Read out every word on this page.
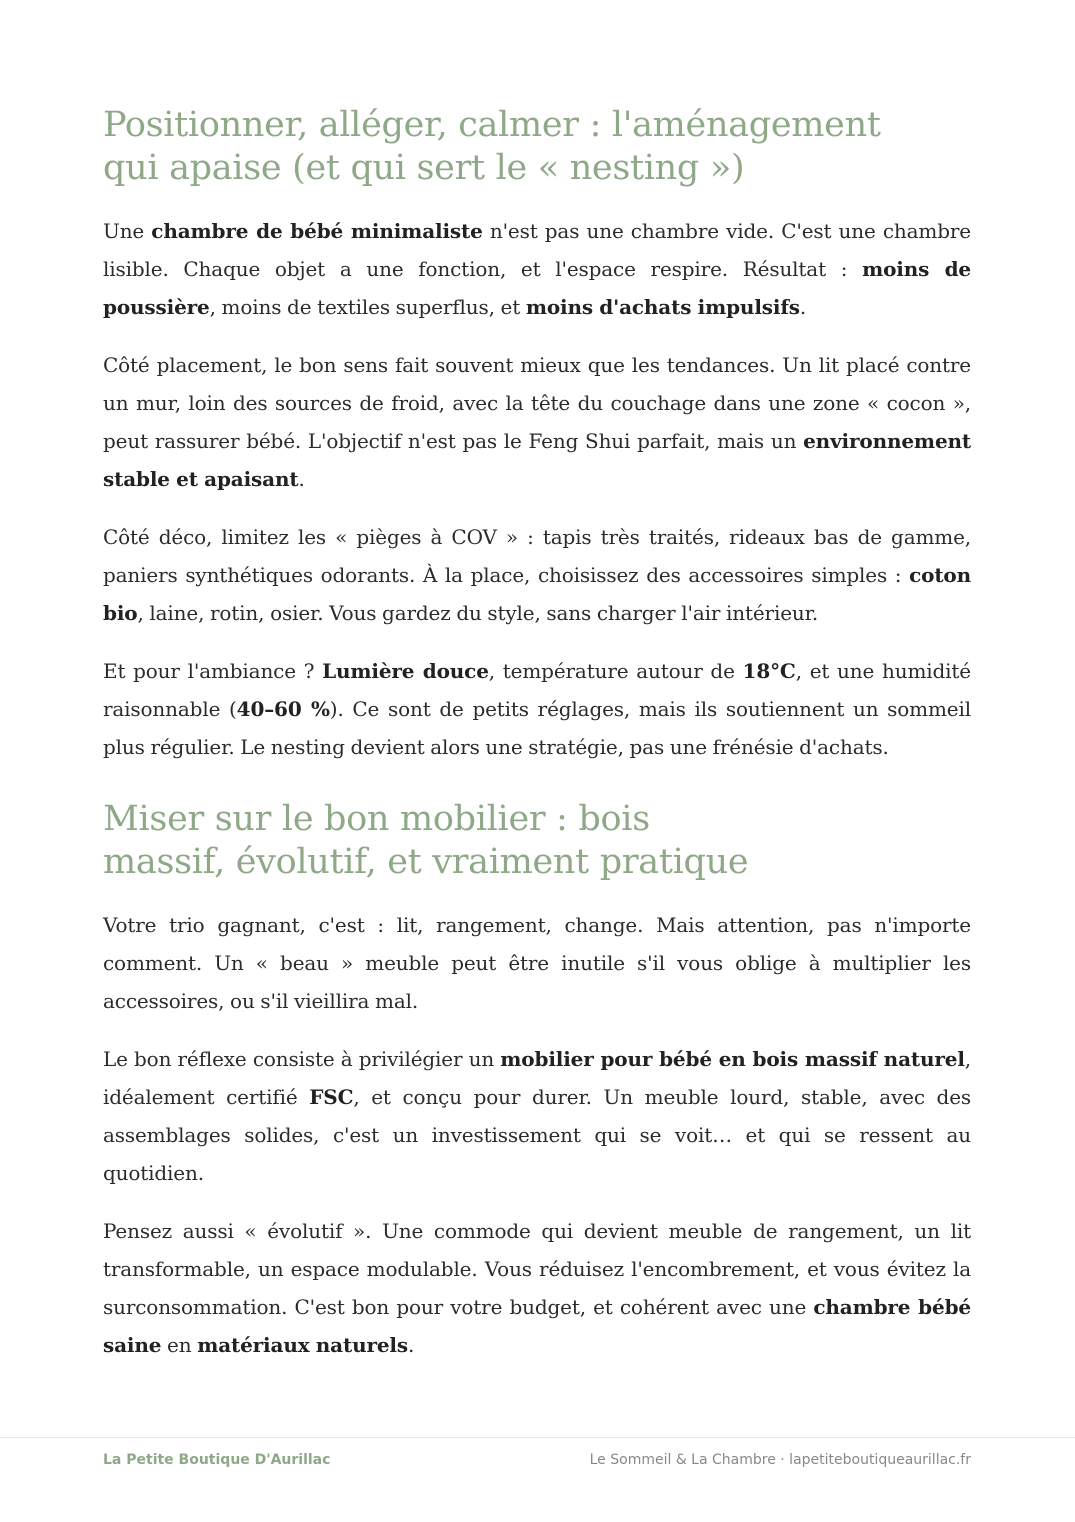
Positionner, alléger, calmer : l'aménagement
qui apaise (et qui sert le « nesting »)

Une chambre de bébé minimaliste n'est pas une chambre vide. C'est une chambre lisible. Chaque objet a une fonction, et l'espace respire. Résultat : moins de poussière, moins de textiles superflus, et moins d'achats impulsifs.

Côté placement, le bon sens fait souvent mieux que les tendances. Un lit placé contre un mur, loin des sources de froid, avec la tête du couchage dans une zone « cocon », peut rassurer bébé. L'objectif n'est pas le Feng Shui parfait, mais un environnement stable et apaisant.

Côté déco, limitez les « pièges à COV » : tapis très traités, rideaux bas de gamme, paniers synthétiques odorants. À la place, choisissez des accessoires simples : coton bio, laine, rotin, osier. Vous gardez du style, sans charger l'air intérieur.

Et pour l'ambiance ? Lumière douce, température autour de 18°C, et une humidité raisonnable (40–60 %). Ce sont de petits réglages, mais ils soutiennent un sommeil plus régulier. Le nesting devient alors une stratégie, pas une frénésie d'achats.

Miser sur le bon mobilier : bois
massif, évolutif, et vraiment pratique

Votre trio gagnant, c'est : lit, rangement, change. Mais attention, pas n'importe comment. Un « beau » meuble peut être inutile s'il vous oblige à multiplier les accessoires, ou s'il vieillira mal.

Le bon réflexe consiste à privilégier un mobilier pour bébé en bois massif naturel, idéalement certifié FSC, et conçu pour durer. Un meuble lourd, stable, avec des assemblages solides, c'est un investissement qui se voit… et qui se ressent au quotidien.

Pensez aussi « évolutif ». Une commode qui devient meuble de rangement, un lit transformable, un espace modulable. Vous réduisez l'encombrement, et vous évitez la surconsommation. C'est bon pour votre budget, et cohérent avec une chambre bébé saine en matériaux naturels.

La Petite Boutique D'Aurillac	Le Sommeil & La Chambre · lapetiteboutiqueaurillac.fr
